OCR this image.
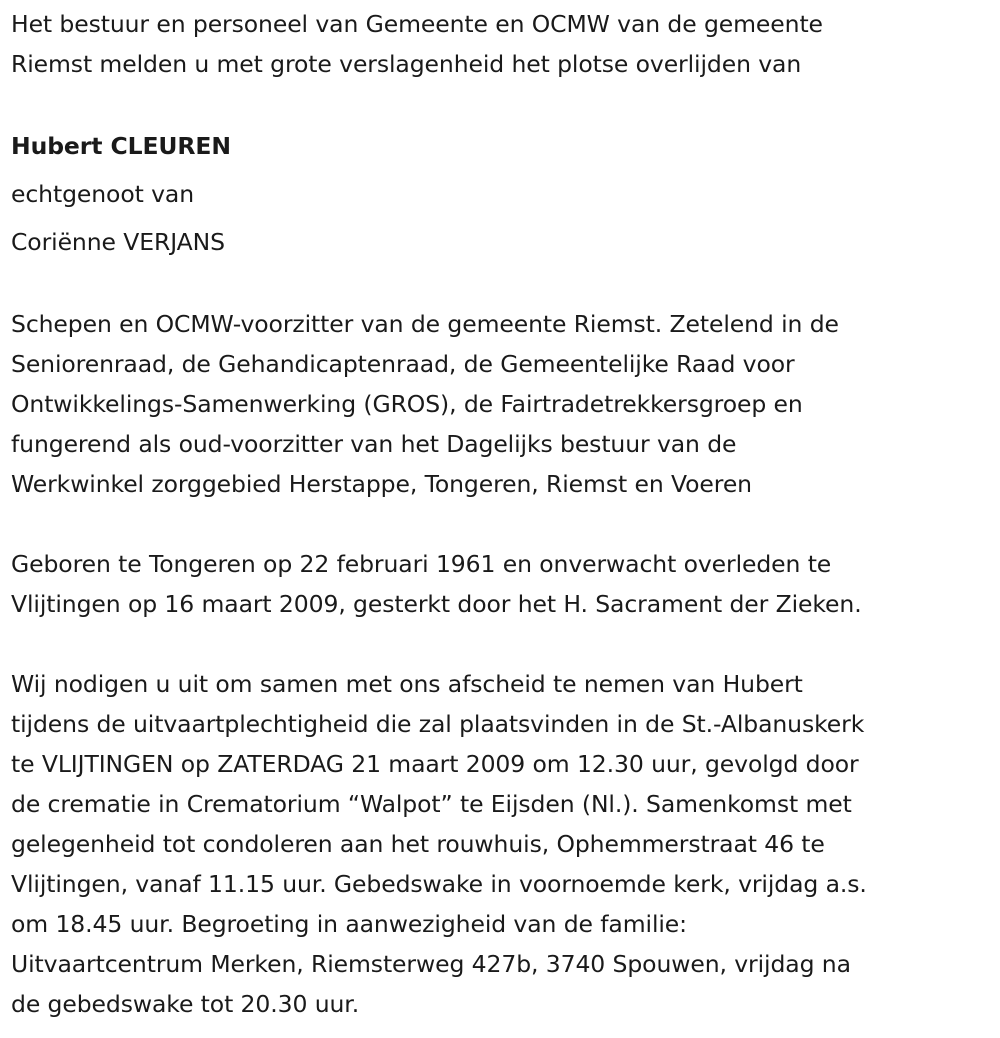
Het bestuur en personeel van Gemeente en OCMW van de gemeente
Riemst melden u met grote verslagenheid het plotse overlijden van
Hubert CLEUREN
echtgenoot van
Coriënne VERJANS
Schepen en OCMW-voorzitter van de gemeente Riemst. Zetelend in de
Seniorenraad, de Gehandicaptenraad, de Gemeentelijke Raad voor
Ontwikkelings-Samenwerking (GROS), de Fairtradetrekkersgroep en
fungerend als oud-voorzitter van het Dagelijks bestuur van de
Werkwinkel zorggebied Herstappe, Tongeren, Riemst en Voeren
Geboren te Tongeren op 22 februari 1961 en onverwacht overleden te
Vlijtingen op 16 maart 2009, gesterkt door het H. Sacrament der Zieken.
Wij nodigen u uit om samen met ons afscheid te nemen van Hubert
tijdens de uitvaartplechtigheid die zal plaatsvinden in de St.-Albanuskerk
te VLIJTINGEN op ZATERDAG 21 maart 2009 om 12.30 uur, gevolgd door
de crematie in Crematorium “Walpot” te Eijsden (Nl.). Samenkomst met
gelegenheid tot condoleren aan het rouwhuis, Ophemmerstraat 46 te
Vlijtingen, vanaf 11.15 uur. Gebedswake in voornoemde kerk, vrijdag a.s.
om 18.45 uur. Begroeting in aanwezigheid van de familie:
Uitvaartcentrum Merken, Riemsterweg 427b, 3740 Spouwen, vrijdag na
de gebedswake tot 20.30 uur.
